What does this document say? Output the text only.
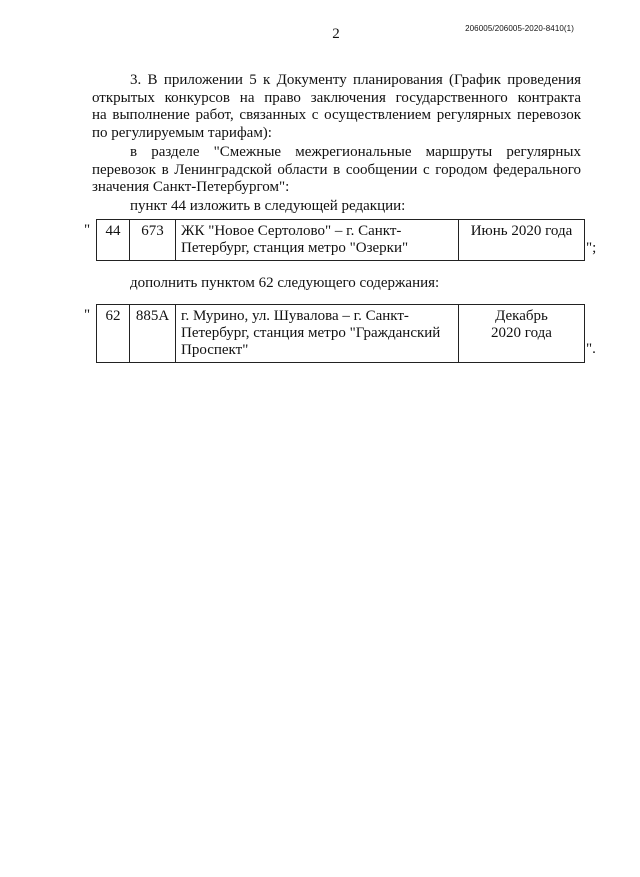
2	206005/206005-2020-8410(1)
3. В приложении 5 к Документу планирования (График проведения
открытых конкурсов на право заключения государственного контракта
на выполнение работ, связанных с осуществлением регулярных перевозок
по регулируемым тарифам):
в разделе "Смежные межрегиональные маршруты регулярных
перевозок в Ленинградской области в сообщении с городом федерального
значения Санкт-Петербургом":
пункт 44 изложить в следующей редакции:
" 44	673	ЖК "Новое Сертолово" – г. Санкт-
Петербург, станция метро "Озерки"	Июнь 2020 года
";
дополнить пунктом 62 следующего содержания:
" 62	885А	г. Мурино, ул. Шувалова – г. Санкт-
Петербург, станция метро "Гражданский
Проспект"	Декабрь
2020 года
".
